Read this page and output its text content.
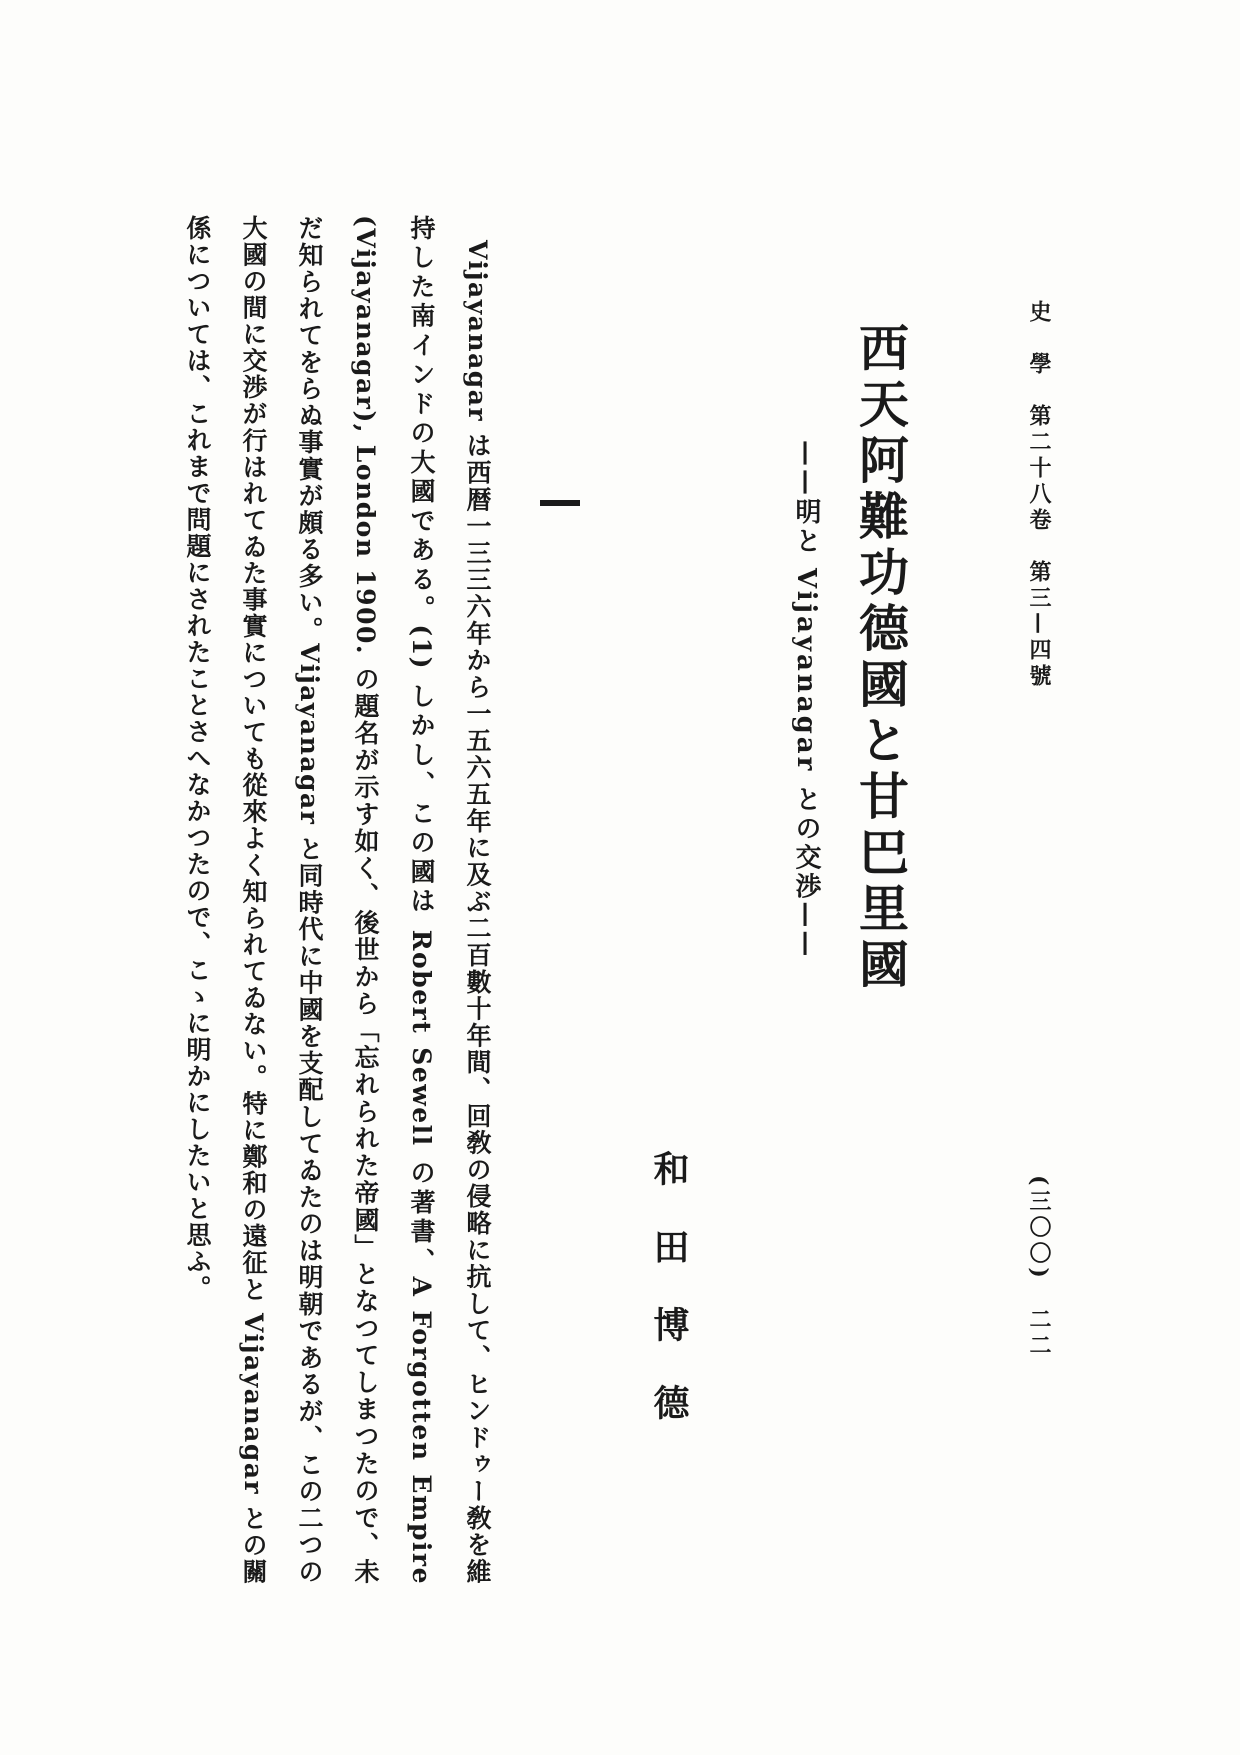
史　學　第二十八卷　第三—四號
(三〇〇)　二二
西天阿難功德國と甘巴里國
——明と Vijayanagar との交渉——
和田博德

Vijayanagar は西暦一三三六年から一五六五年に及ぶ二百數十年間、回敎の侵略に抗して、ヒンドゥー敎を維持した南インドの大國である。(1) しかし、この國は Robert Sewell の著書、A Forgotten Empire (Vijayanagar), London 1900. の題名が示す如く、後世から「忘れられた帝國」となつてしまつたので、未だ知られてをらぬ事實が頗る多い。Vijayanagar と同時代に中國を支配してゐたのは明朝であるが、この二つの大國の間に交渉が行はれてゐた事實についても從來よく知られてゐない。特に鄭和の遠征と Vijayanagar との關係については、これまで問題にされたことさへなかつたので、こゝに明かにしたいと思ふ。
